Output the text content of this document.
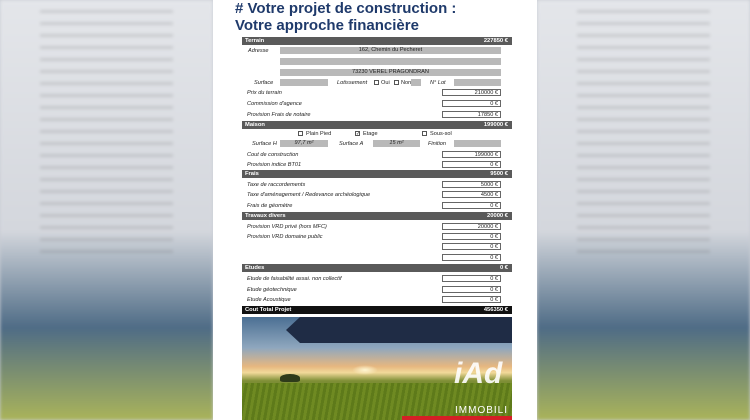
# Votre projet de construction :
Votre approche financière
Terrain	227850 €
Adresse	162, Chemin du Pecheret
73230 VEREL PRAGONDRAN
Surface	Lotissement Oui Non	N° Lot
Prix du terrain	210000 €
Commission d'agence	0 €
Provision Frais de notaire	17850 €
Maison	199000 €
Plain Pied	✓ Etage	Sous-sol
Surface H	97,7 m²	Surface A	15 m²	Finition
Cout de construction	199000 €
Provision indice BT01	0 €
Frais	9500 €
Taxe de raccordements	5000 €
Taxe d'aménagement / Redevance archéologique	4500 €
Frais de géomètre	0 €
Travaux divers	20000 €
Provision VRD privé (hors MFC)	20000 €
Provision VRD domaine public	0 €
0 €
0 €
Etudes	0 €
Etude de faisabilité assai. non collectif	0 €
Etude géotechnique	0 €
Etude Acoustique	0 €
Cout Total Projet	456350 €
iAd
IMMOBILI
